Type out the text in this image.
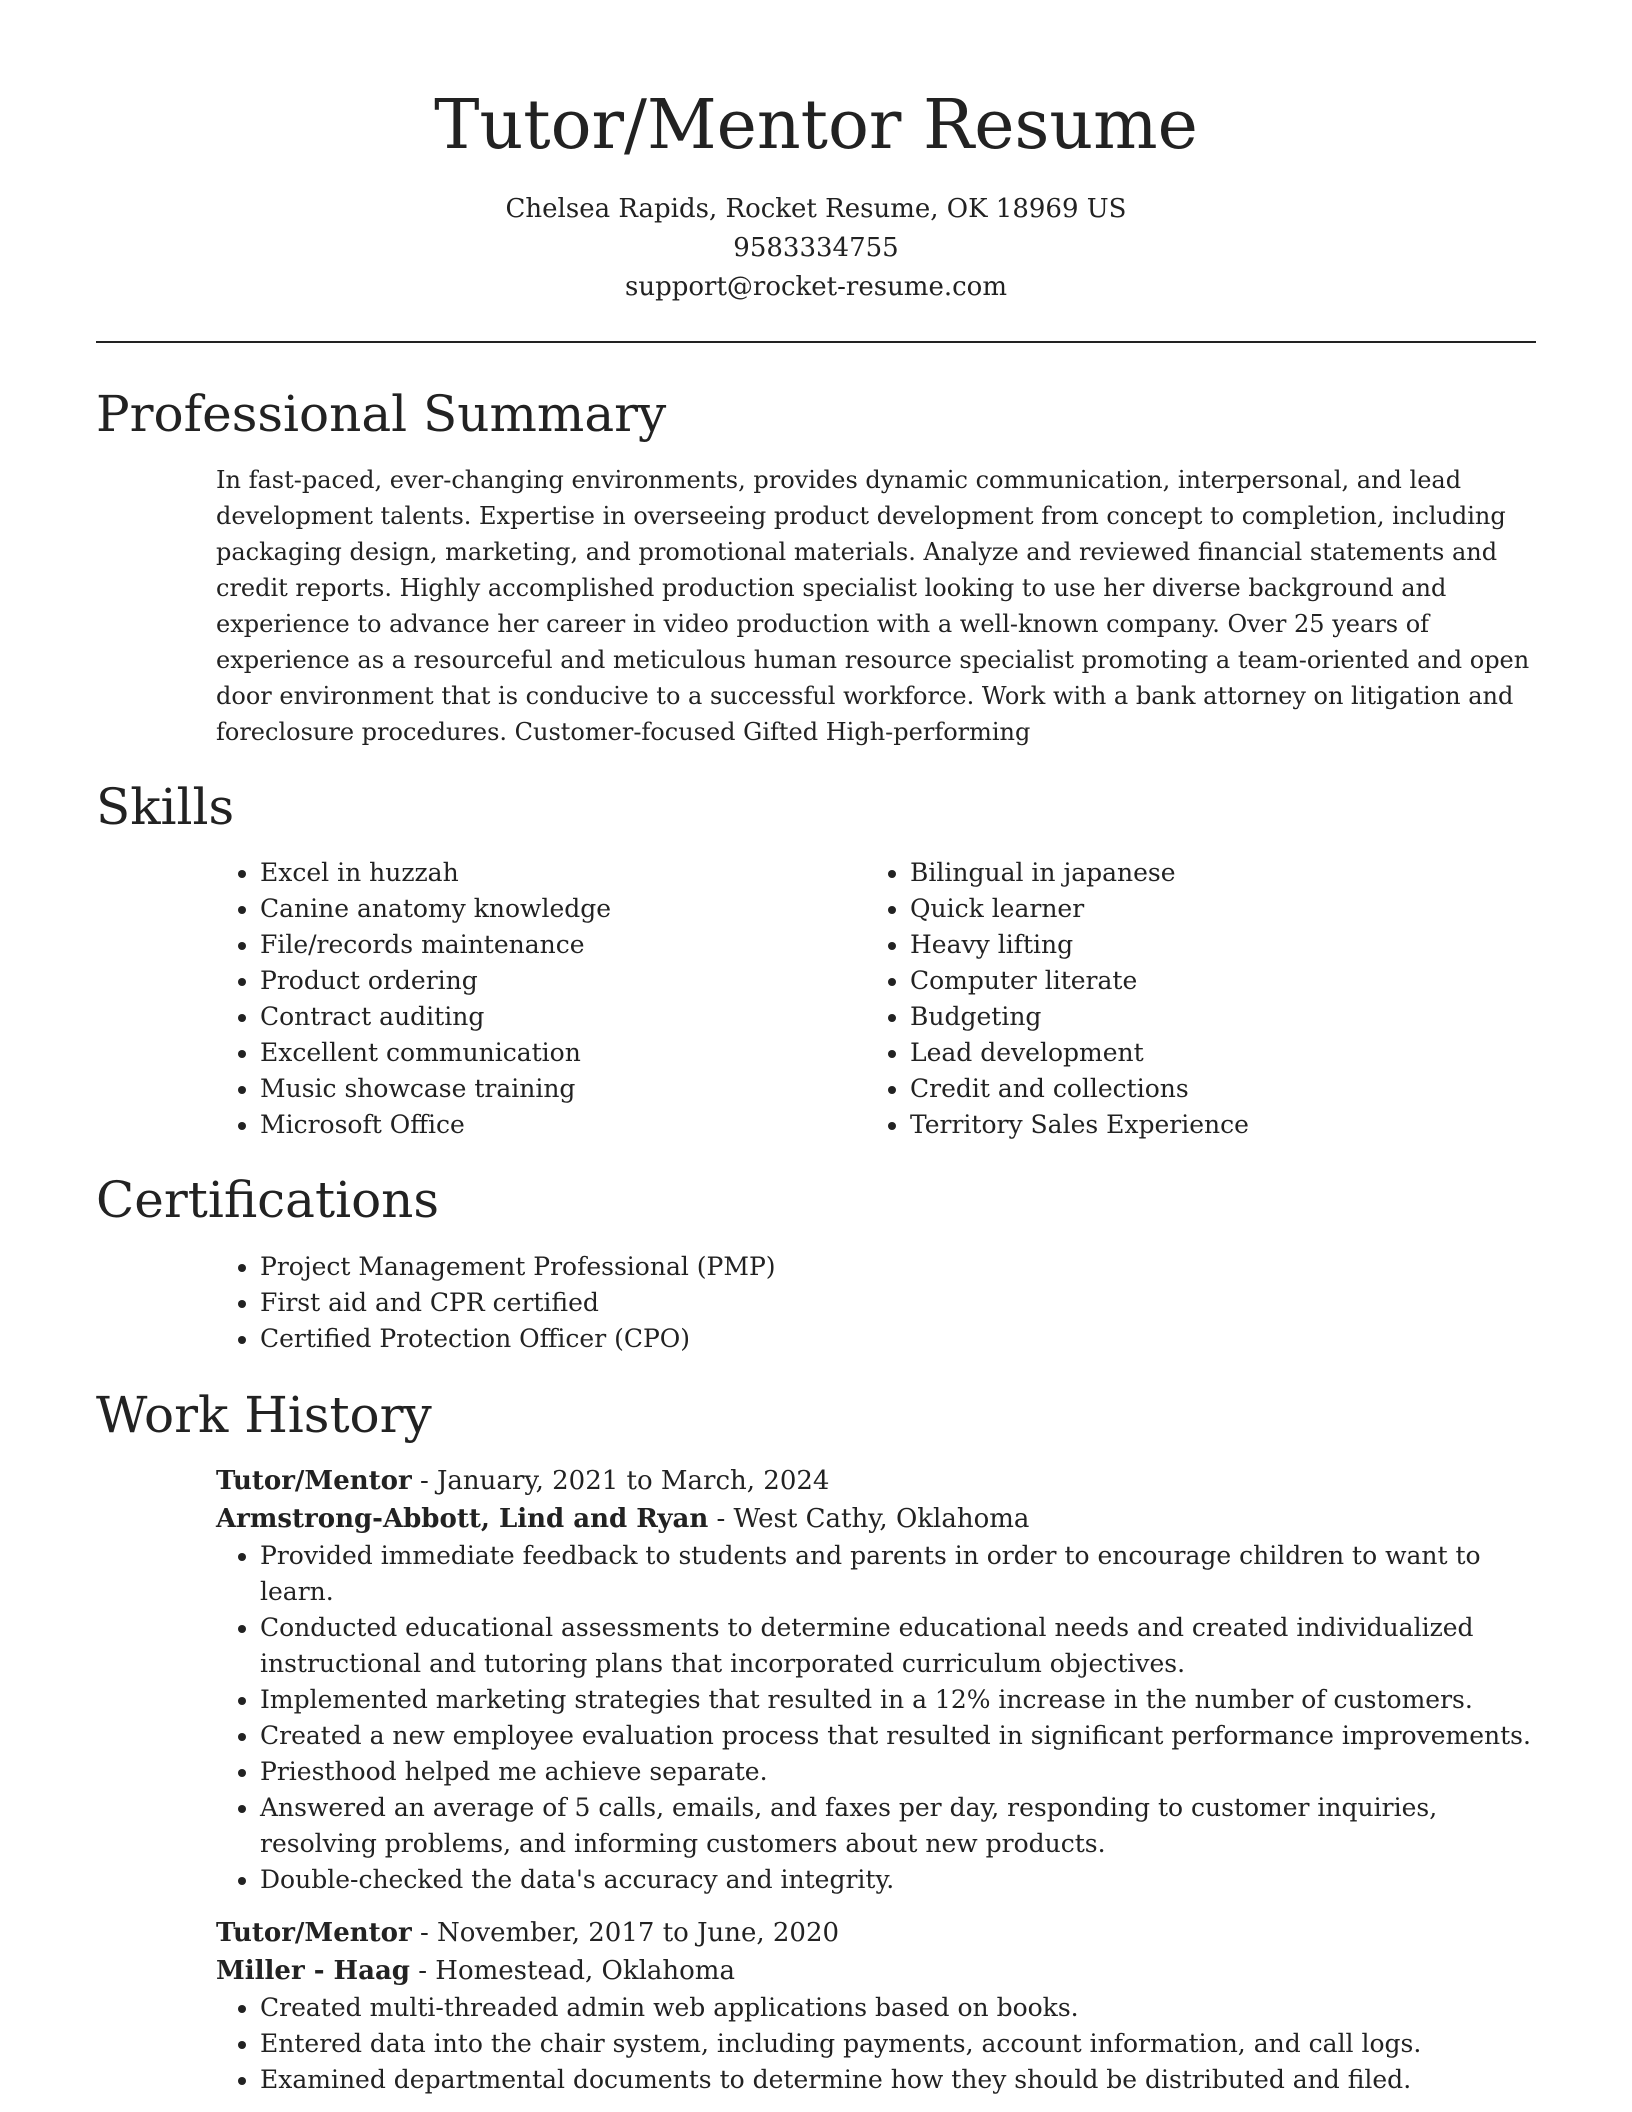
Tutor/Mentor Resume
Chelsea Rapids, Rocket Resume, OK 18969 US
9583334755
support@rocket-resume.com
Professional Summary

In fast-paced, ever-changing environments, provides dynamic communication, interpersonal, and lead development talents. Expertise in overseeing product development from concept to completion, including packaging design, marketing, and promotional materials. Analyze and reviewed financial statements and credit reports. Highly accomplished production specialist looking to use her diverse background and experience to advance her career in video production with a well-known company. Over 25 years of experience as a resourceful and meticulous human resource specialist promoting a team-oriented and open door environment that is conducive to a successful workforce. Work with a bank attorney on litigation and foreclosure procedures. Customer-focused Gifted High-performing

Skills
• Excel in huzzah
• Canine anatomy knowledge
• File/records maintenance
• Product ordering
• Contract auditing
• Excellent communication
• Music showcase training
• Microsoft Office
• Bilingual in japanese
• Quick learner
• Heavy lifting
• Computer literate
• Budgeting
• Lead development
• Credit and collections
• Territory Sales Experience
Certifications
• Project Management Professional (PMP)
• First aid and CPR certified
• Certified Protection Officer (CPO)
Work History
Tutor/Mentor - January, 2021 to March, 2024
Armstrong-Abbott, Lind and Ryan - West Cathy, Oklahoma
• Provided immediate feedback to students and parents in order to encourage children to want to learn.
• Conducted educational assessments to determine educational needs and created individualized instructional and tutoring plans that incorporated curriculum objectives.
• Implemented marketing strategies that resulted in a 12% increase in the number of customers.
• Created a new employee evaluation process that resulted in significant performance improvements.
• Priesthood helped me achieve separate.
• Answered an average of 5 calls, emails, and faxes per day, responding to customer inquiries, resolving problems, and informing customers about new products.
• Double-checked the data's accuracy and integrity.
Tutor/Mentor - November, 2017 to June, 2020
Miller - Haag - Homestead, Oklahoma
• Created multi-threaded admin web applications based on books.
• Entered data into the chair system, including payments, account information, and call logs.
• Examined departmental documents to determine how they should be distributed and filed.
